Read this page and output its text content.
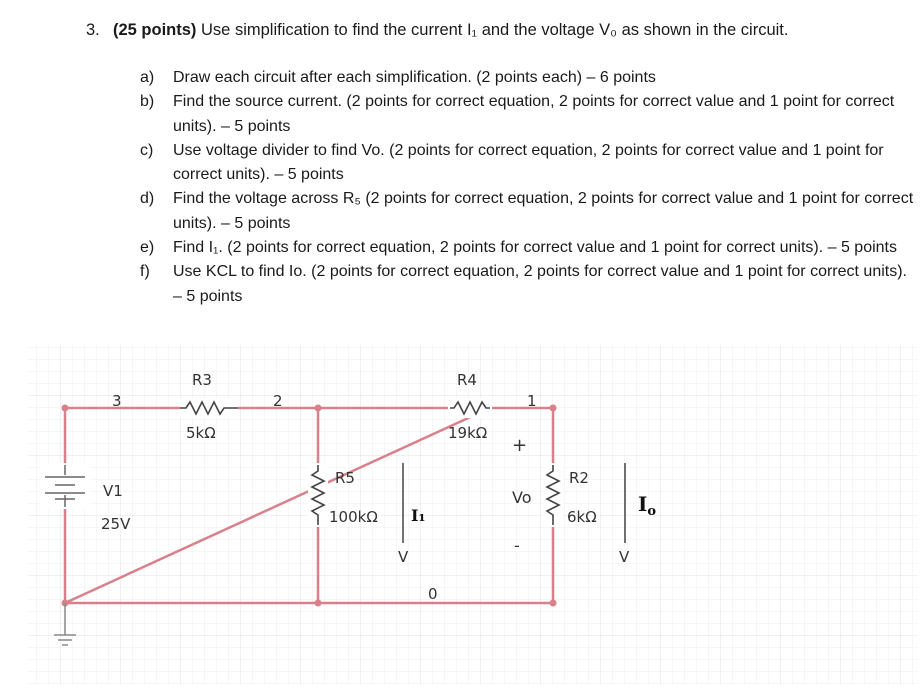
3. (25 points) Use simplification to find the current I₁ and the voltage V₀ as shown in the circuit.
a)	Draw each circuit after each simplification. (2 points each) – 6 points
b)	Find the source current. (2 points for correct equation, 2 points for correct value and 1 point for correct units). – 5 points
c)	Use voltage divider to find Vo. (2 points for correct equation, 2 points for correct value and 1 point for correct units). – 5 points
d)	Find the voltage across R₅ (2 points for correct equation, 2 points for correct value and 1 point for correct units). – 5 points
e)	Find I₁. (2 points for correct equation, 2 points for correct value and 1 point for correct units). – 5 points
f)	Use KCL to find Io. (2 points for correct equation, 2 points for correct value and 1 point for correct units). – 5 points
V1
25V
3	2	1
0
R3
5kΩ
R4
19kΩ
R5
100kΩ
V
I₁
+
Vo
-
R2
6kΩ
V
$I_o$
